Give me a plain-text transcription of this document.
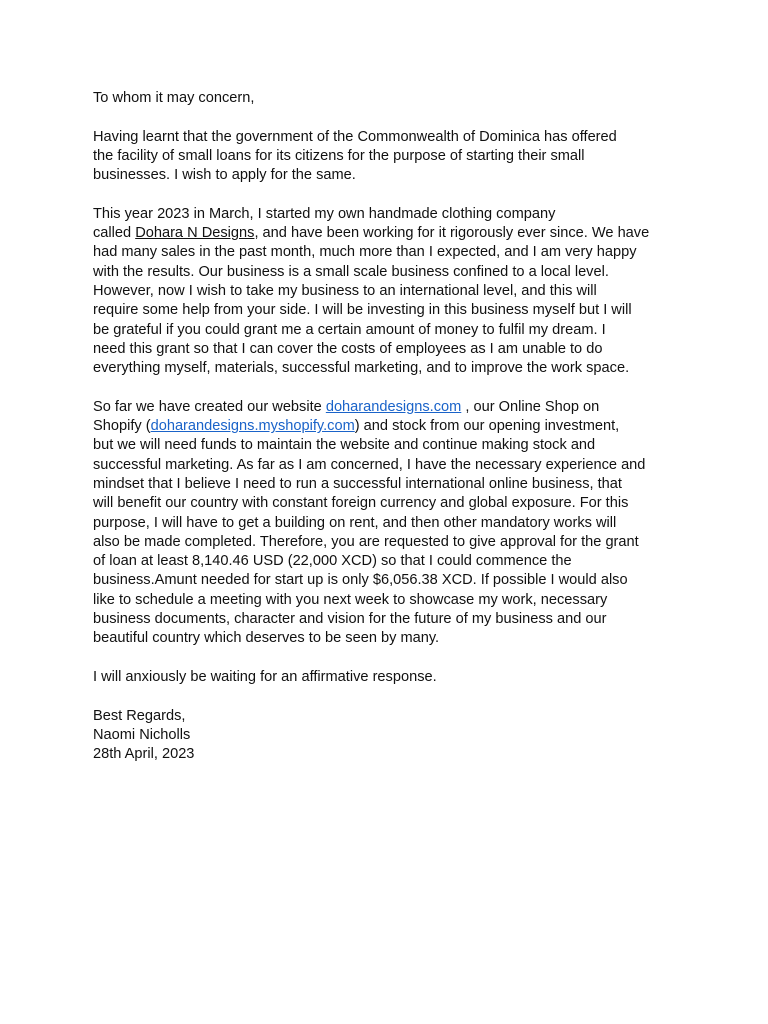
To whom it may concern,
Having learnt that the government of the Commonwealth of Dominica has offered
the facility of small loans for its citizens for the purpose of starting their small
businesses. I wish to apply for the same.
This year 2023 in March, I started my own handmade clothing company
called Dohara N Designs, and have been working for it rigorously ever since. We have
had many sales in the past month, much more than I expected, and I am very happy
with the results. Our business is a small scale business confined to a local level.
However, now I wish to take my business to an international level, and this will
require some help from your side. I will be investing in this business myself but I will
be grateful if you could grant me a certain amount of money to fulfil my dream. I
need this grant so that I can cover the costs of employees as I am unable to do
everything myself, materials, successful marketing, and to improve the work space.
So far we have created our website doharandesigns.com , our Online Shop on
Shopify (doharandesigns.myshopify.com) and stock from our opening investment,
but we will need funds to maintain the website and continue making stock and
successful marketing. As far as I am concerned, I have the necessary experience and
mindset that I believe I need to run a successful international online business, that
will benefit our country with constant foreign currency and global exposure. For this
purpose, I will have to get a building on rent, and then other mandatory works will
also be made completed. Therefore, you are requested to give approval for the grant
of loan at least 8,140.46 USD (22,000 XCD) so that I could commence the
business.Amunt needed for start up is only $6,056.38 XCD. If possible I would also
like to schedule a meeting with you next week to showcase my work, necessary
business documents, character and vision for the future of my business and our
beautiful country which deserves to be seen by many.
I will anxiously be waiting for an affirmative response.
Best Regards,
Naomi Nicholls
28th April, 2023
